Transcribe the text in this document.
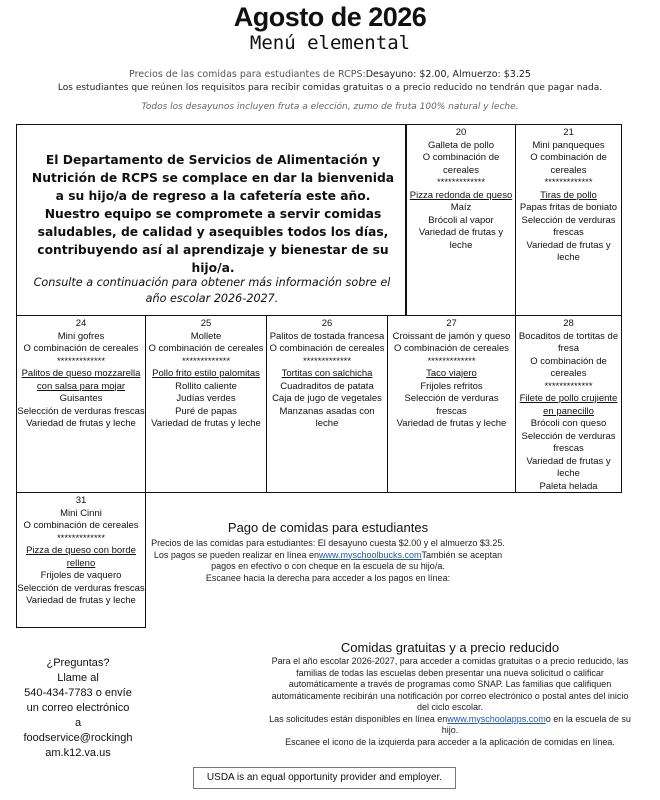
Agosto de 2026
Menú elemental
Precios de las comidas para estudiantes de RCPS:Desayuno: $2.00, Almuerzo: $3.25
Los estudiantes que reúnen los requisitos para recibir comidas gratuitas o a precio reducido no tendrán que pagar nada.
Todos los desayunos incluyen fruta a elección, zumo de fruta 100% natural y leche.
El Departamento de Servicios de Alimentación y Nutrición de RCPS se complace en dar la bienvenida a su hijo/a de regreso a la cafetería este año. Nuestro equipo se compromete a servir comidas saludables, de calidad y asequibles todos los días, contribuyendo así al aprendizaje y bienestar de su hijo/a.
Consulte a continuación para obtener más información sobre el año escolar 2026-2027.
20
Galleta de pollo
O combinación de cereales
*************
Pizza redonda de queso
Maíz
Brócoli al vapor
Variedad de frutas y leche
21
Mini panqueques
O combinación de cereales
*************
Tiras de pollo
Papas fritas de boniato
Selección de verduras frescas
Variedad de frutas y leche
24
Mini gofres
O combinación de cereales
*************
Palitos de queso mozzarella con salsa para mojar
Guisantes
Selección de verduras frescas
Variedad de frutas y leche
25
Mollete
O combinación de cereales
*************
Pollo frito estilo palomitas
Rollito caliente
Judías verdes
Puré de papas
Variedad de frutas y leche
26
Palitos de tostada francesa
O combinación de cereales
*************
Tortitas con salchicha
Cuadraditos de patata
Caja de jugo de vegetales
Manzanas asadas con leche
27
Croissant de jamón y queso
O combinación de cereales
*************
Taco viajero
Frijoles refritos
Selección de verduras frescas
Variedad de frutas y leche
28
Bocaditos de tortitas de fresa
O combinación de cereales
*************
Filete de pollo crujiente en panecillo
Brócoli con queso
Selección de verduras frescas
Variedad de frutas y leche
Paleta helada
31
Mini Cinni
O combinación de cereales
*************
Pizza de queso con borde relleno
Frijoles de vaquero
Selección de verduras frescas
Variedad de frutas y leche
Pago de comidas para estudiantes
Precios de las comidas para estudiantes: El desayuno cuesta $2.00 y el almuerzo $3.25.
Los pagos se pueden realizar en línea enwww.myschoolbucks.comTambién se aceptan pagos en efectivo o con cheque en la escuela de su hijo/a.
Escanee hacia la derecha para acceder a los pagos en línea:
¿Preguntas?
Llame al
540-434-7783 o envíe
un correo electrónico
a
foodservice@rockingh
am.k12.va.us
Comidas gratuitas y a precio reducido
Para el año escolar 2026-2027, para acceder a comidas gratuitas o a precio reducido, las familias de todas las escuelas deben presentar una nueva solicitud o calificar automáticamente a través de programas como SNAP. Las familias que califiquen automáticamente recibirán una notificación por correo electrónico o postal antes del inicio del ciclo escolar.
Las solicitudes están disponibles en línea enwww.myschoolapps.como en la escuela de su hijo.
Escanee el icono de la izquierda para acceder a la aplicación de comidas en línea.
USDA is an equal opportunity provider and employer.
